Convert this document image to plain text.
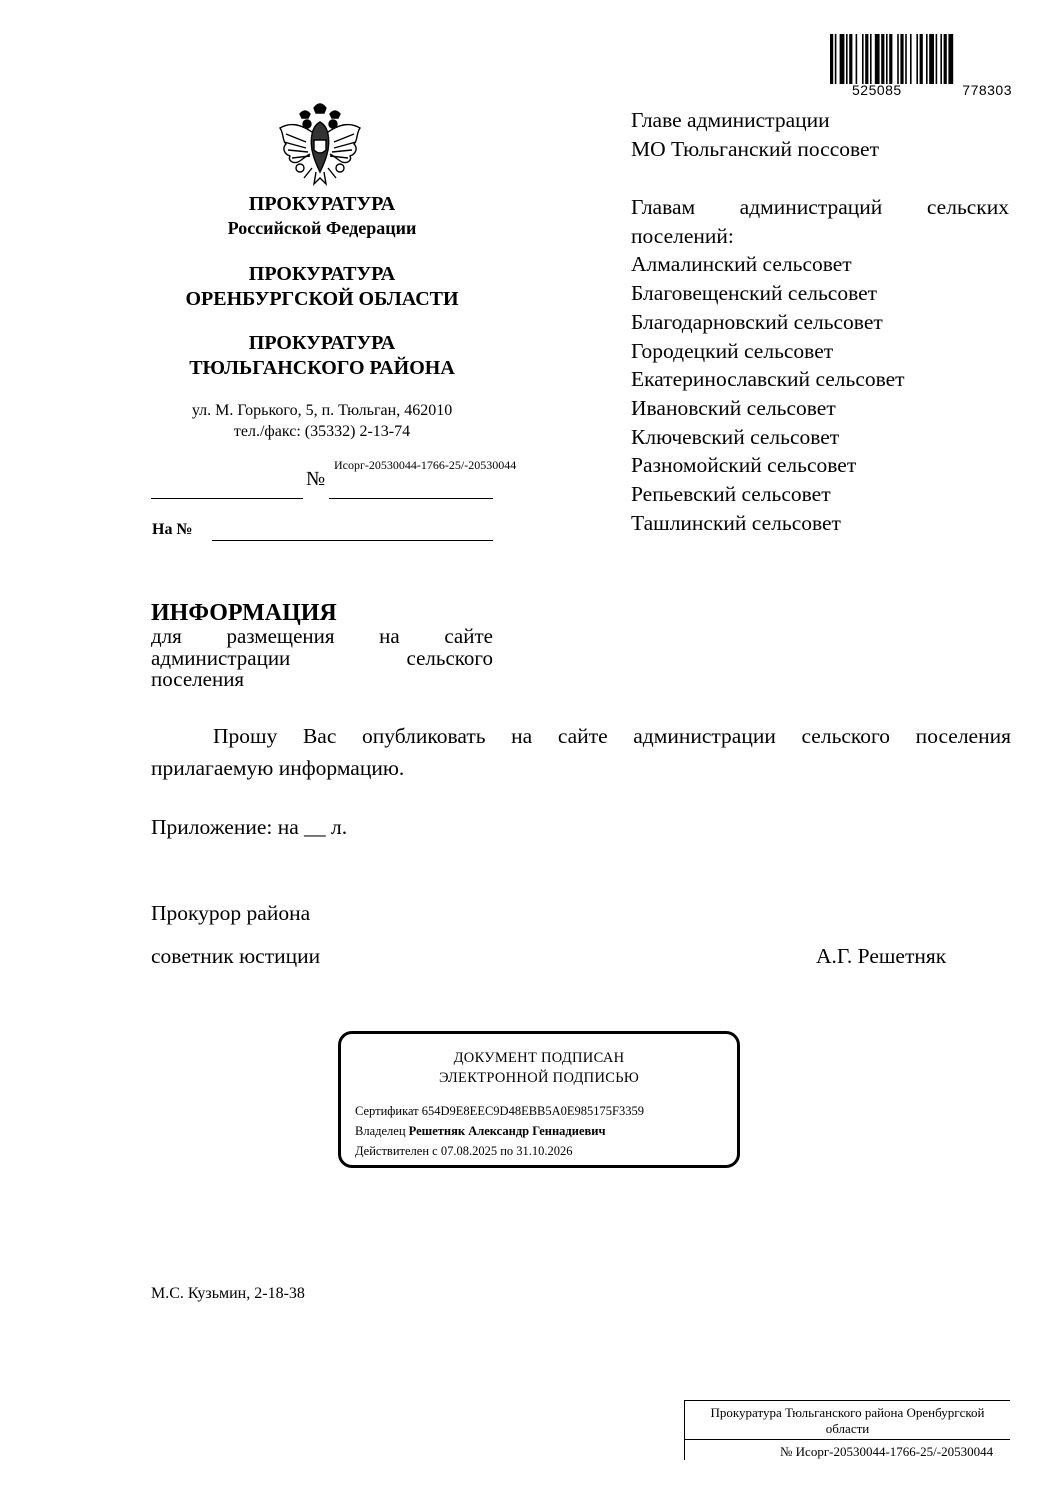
525085	778303
ПРОКУРАТУРА
Российской Федерации
ПРОКУРАТУРА
ОРЕНБУРГСКОЙ ОБЛАСТИ
ПРОКУРАТУРА
ТЮЛЬГАНСКОГО РАЙОНА
ул. М. Горького, 5, п. Тюльган, 462010
тел./факс: (35332) 2-13-74
Исорг-20530044-1766-25/-20530044
№
На №

Главе администрации

МО Тюльганский поссовет

Главам администраций сельских

поселений:

Алмалинский сельсовет

Благовещенский сельсовет

Благодарновский сельсовет

Городецкий сельсовет

Екатеринославский сельсовет

Ивановский сельсовет

Ключевский сельсовет

Разномойский сельсовет

Репьевский сельсовет

Ташлинский сельсовет

ИНФОРМАЦИЯ
для размещения на сайте
администрации сельского
поселения
Прошу Вас опубликовать на сайте администрации сельского поселения
прилагаемую информацию.
Приложение: на __ л.
Прокурор района
советник юстиции	А.Г. Решетняк
ДОКУМЕНТ ПОДПИСАН
ЭЛЕКТРОННОЙ ПОДПИСЬЮ
Сертификат 654D9E8EEC9D48EBB5A0E985175F3359
Владелец Решетняк Александр Геннадиевич
Действителен с 07.08.2025 по 31.10.2026
М.С. Кузьмин, 2-18-38
Прокуратура Тюльганского района Оренбургской
области
№ Исорг-20530044-1766-25/-20530044
